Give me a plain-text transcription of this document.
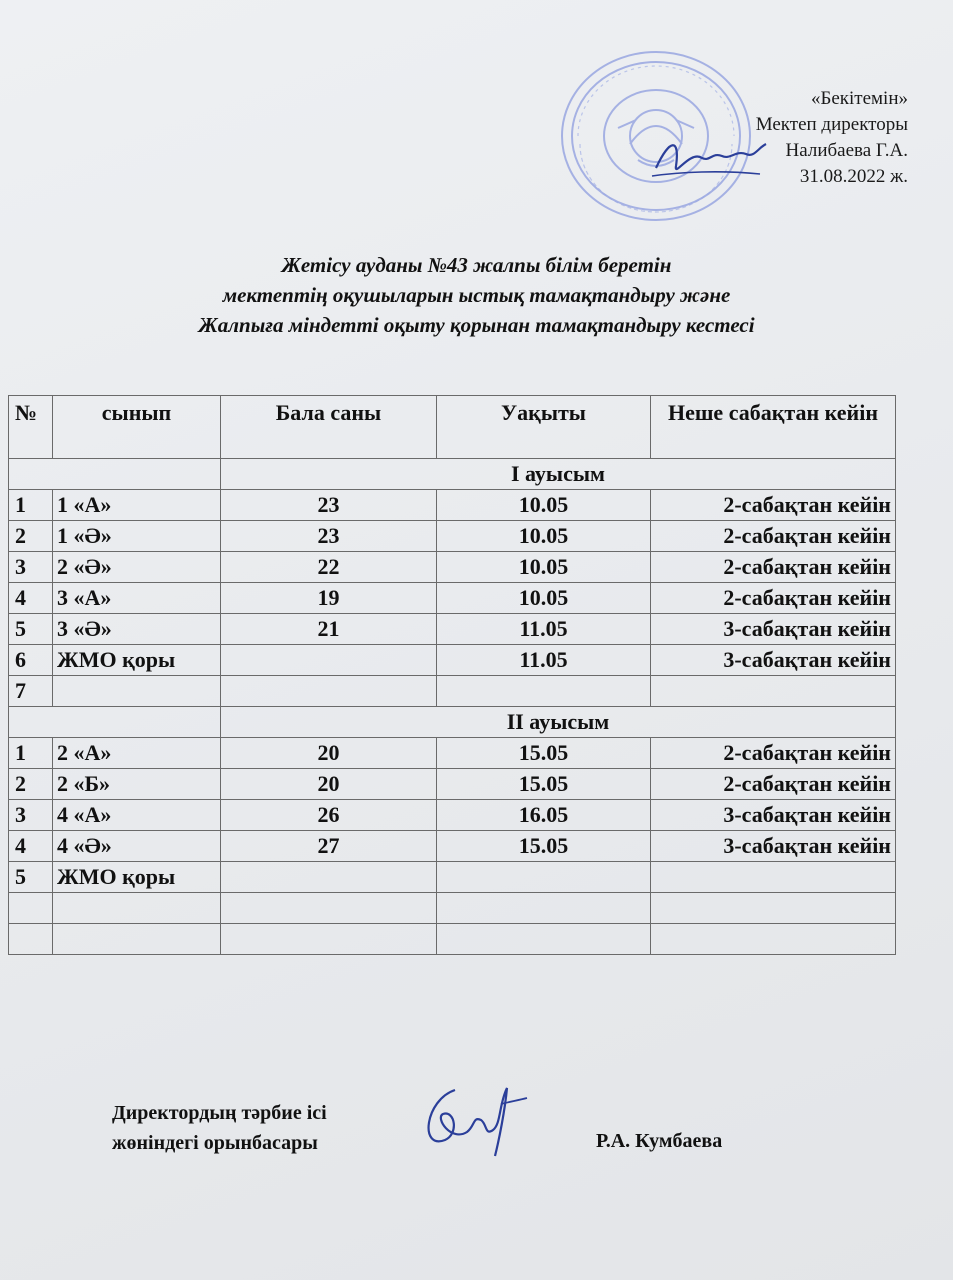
«Бекітемін»
Мектеп директоры
Налибаева Г.А.
31.08.2022 ж.
Жетісу ауданы №43 жалпы білім беретін
мектептің оқушыларын ыстық тамақтандыру және
Жалпыға міндетті оқыту қорынан тамақтандыру кестесі
№	сынып	Бала саны	Уақыты	Неше сабақтан кейін
		І ауысым		
1	1 «А»	23	10.05	2-сабақтан кейін
2	1 «Ә»	23	10.05	2-сабақтан кейін
3	2 «Ә»	22	10.05	2-сабақтан кейін
4	3 «А»	19	10.05	2-сабақтан кейін
5	3 «Ә»	21	11.05	3-сабақтан кейін
6	ЖМО қоры		11.05	3-сабақтан кейін
7				
		ІІ ауысым		
1	2 «А»	20	15.05	2-сабақтан кейін
2	2 «Б»	20	15.05	2-сабақтан кейін
3	4 «А»	26	16.05	3-сабақтан кейін
4	4 «Ә»	27	15.05	3-сабақтан кейін
5	ЖМО қоры			

Директордың тәрбие ісі
жөніндегі орынбасары	Р.А. Кумбаева
